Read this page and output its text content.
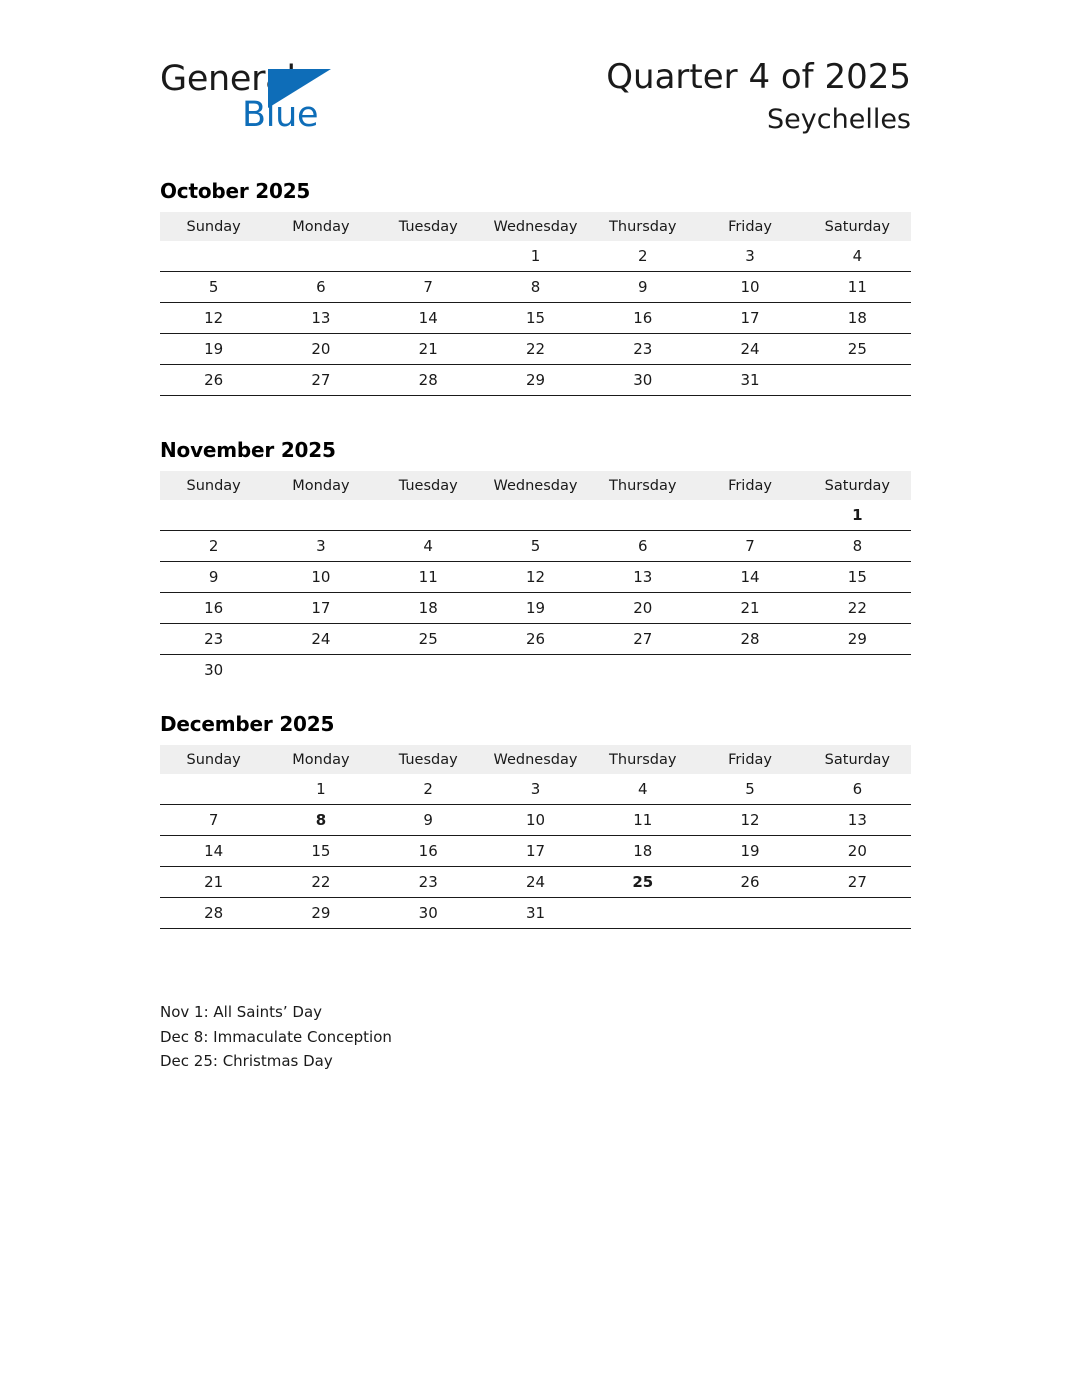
General
Blue
Quarter 4 of 2025
Seychelles
October 2025
Sunday	Monday	Tuesday	Wednesday	Thursday	Friday	Saturday
			1	2	3	4
5	6	7	8	9	10	11
12	13	14	15	16	17	18
19	20	21	22	23	24	25
26	27	28	29	30	31	
November 2025
Sunday	Monday	Tuesday	Wednesday	Thursday	Friday	Saturday
						1
2	3	4	5	6	7	8
9	10	11	12	13	14	15
16	17	18	19	20	21	22
23	24	25	26	27	28	29
30						
December 2025
Sunday	Monday	Tuesday	Wednesday	Thursday	Friday	Saturday
	1	2	3	4	5	6
7	8	9	10	11	12	13
14	15	16	17	18	19	20
21	22	23	24	25	26	27
28	29	30	31			
Nov 1: All Saints’ Day
Dec 8: Immaculate Conception
Dec 25: Christmas Day
